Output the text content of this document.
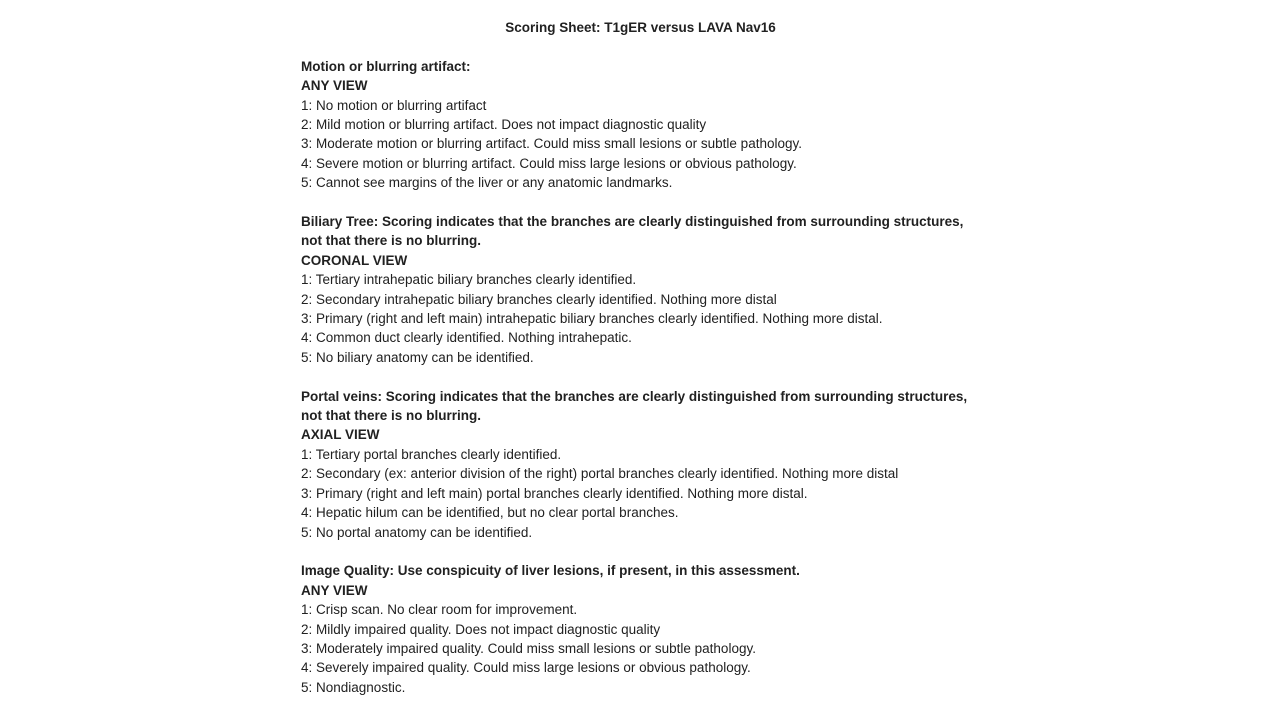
Scoring Sheet: T1gER versus LAVA Nav16
Motion or blurring artifact:
ANY VIEW
1: No motion or blurring artifact
2: Mild motion or blurring artifact. Does not impact diagnostic quality
3: Moderate motion or blurring artifact. Could miss small lesions or subtle pathology.
4: Severe motion or blurring artifact. Could miss large lesions or obvious pathology.
5: Cannot see margins of the liver or any anatomic landmarks.
Biliary Tree: Scoring indicates that the branches are clearly distinguished from surrounding structures,
not that there is no blurring.
CORONAL VIEW
1: Tertiary intrahepatic biliary branches clearly identified.
2: Secondary intrahepatic biliary branches clearly identified. Nothing more distal
3: Primary (right and left main) intrahepatic biliary branches clearly identified. Nothing more distal.
4: Common duct clearly identified. Nothing intrahepatic.
5: No biliary anatomy can be identified.
Portal veins: Scoring indicates that the branches are clearly distinguished from surrounding structures,
not that there is no blurring.
AXIAL VIEW
1: Tertiary portal branches clearly identified.
2: Secondary (ex: anterior division of the right) portal branches clearly identified. Nothing more distal
3: Primary (right and left main) portal branches clearly identified. Nothing more distal.
4: Hepatic hilum can be identified, but no clear portal branches.
5: No portal anatomy can be identified.
Image Quality: Use conspicuity of liver lesions, if present, in this assessment.
ANY VIEW
1: Crisp scan. No clear room for improvement.
2: Mildly impaired quality. Does not impact diagnostic quality
3: Moderately impaired quality. Could miss small lesions or subtle pathology.
4: Severely impaired quality. Could miss large lesions or obvious pathology.
5: Nondiagnostic.
